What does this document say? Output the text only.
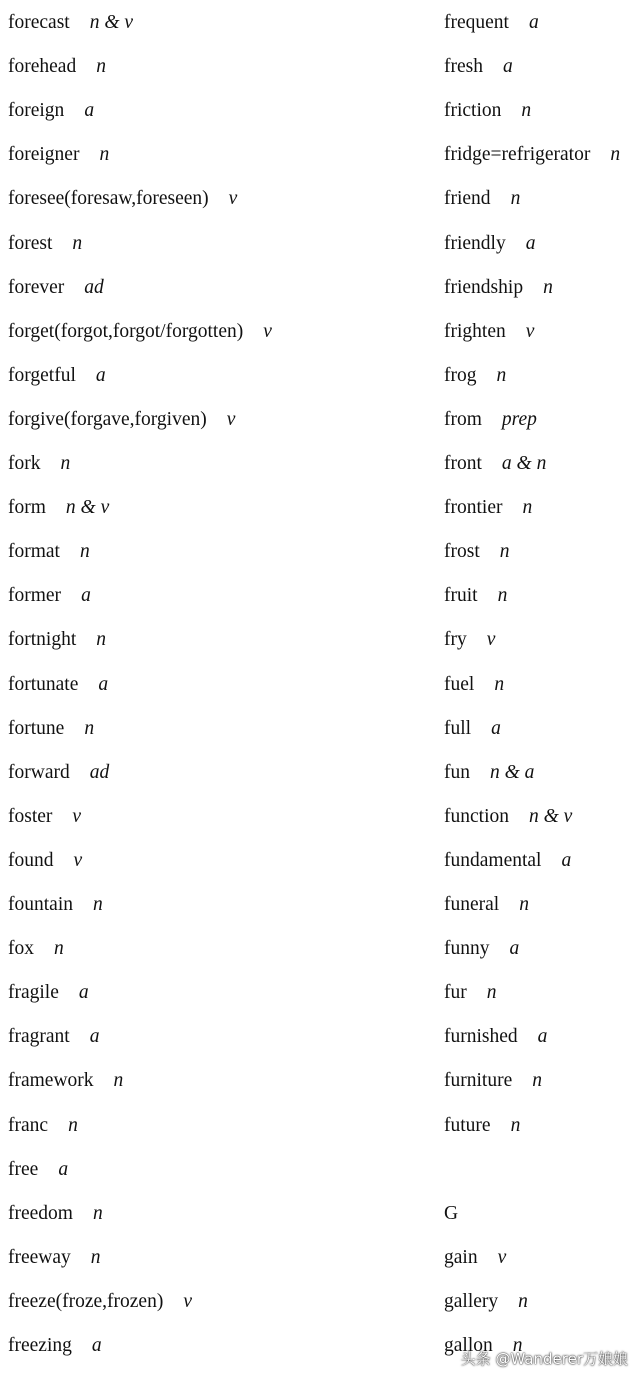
forecast n & v
forehead n
foreign a
foreigner n
foresee(foresaw,foreseen) v
forest n
forever ad
forget(forgot,forgot/forgotten) v
forgetful a
forgive(forgave,forgiven) v
fork n
form n & v
format n
former a
fortnight n
fortunate a
fortune n
forward ad
foster v
found v
fountain n
fox n
fragile a
fragrant a
framework n
franc n
free a
freedom n
freeway n
freeze(froze,frozen) v
freezing a
G
frequent a
fresh a
friction n
fridge=refrigerator n
friend n
friendly a
friendship n
frighten v
frog n
from prep
front a & n
frontier n
frost n
fruit n
fry v
fuel n
full a
fun n & a
function n & v
fundamental a
funeral n
funny a
fur n
furnished a
furniture n
future n
gain v
gallery n
gallon n
头条 @Wanderer万娘娘
